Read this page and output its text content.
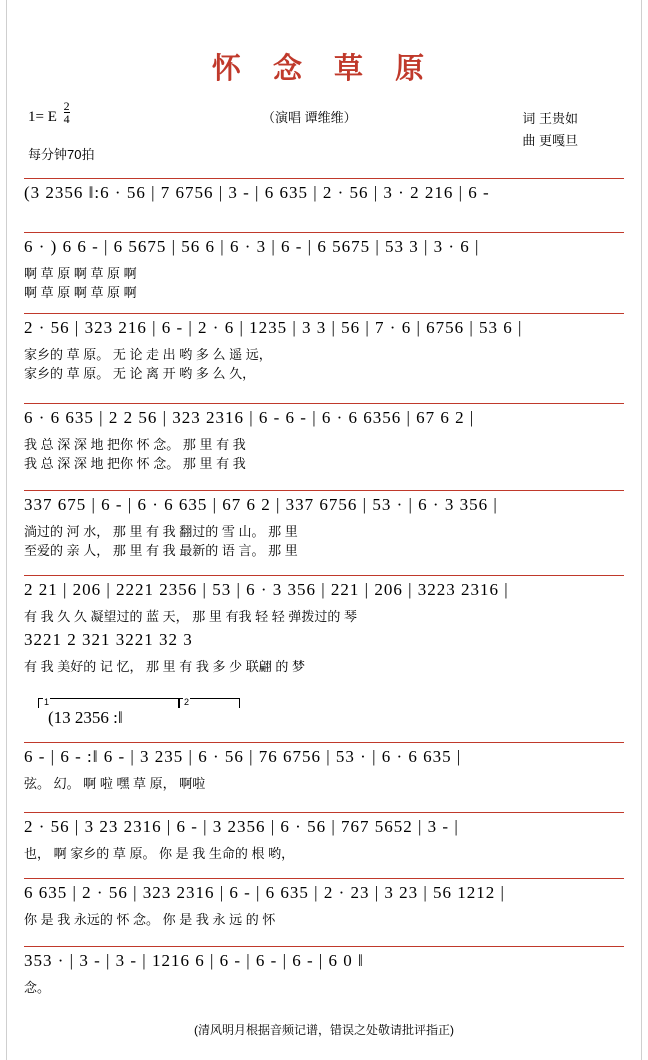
怀 念 草 原
1= E $\frac{2}{4}$	（演唱 谭维维）	词 王贵如
曲 更嘎旦
每分钟70拍
(3 2356 ‖:6 · 56 | 7 6756 | 3 - | 6 635 | 2 · 56 | 3 · 2 216 | 6 -
6 · ) 6 6 - | 6 5675 | 56 6 | 6 · 3 | 6 - | 6 5675 | 53 3 | 3 · 6 |
啊 草 原 啊 草 原 啊
啊 草 原 啊 草 原 啊
2 · 56 | 323 216 | 6 - | 2 · 6 | 1235 | 3 3 | 56 | 7 · 6 | 6756 | 53 6 |
家乡的 草 原。 无 论 走 出 哟 多 么 遥 远，
家乡的 草 原。 无 论 离 开 哟 多 么 久，
6 · 6 635 | 2 2 56 | 323 2316 | 6 - 6 - | 6 · 6 6356 | 67 6 2 |
我 总 深 深 地 把你 怀 念。 那 里 有 我
我 总 深 深 地 把你 怀 念。 那 里 有 我
337 675 | 6 - | 6 · 6 635 | 67 6 2 | 337 6756 | 53 · | 6 · 3 356 |
淌过的 河 水， 那 里 有 我 翻过的 雪 山。 那 里
至爱的 亲 人， 那 里 有 我 最新的 语 言。 那 里
2 21 | 206 | 2221 2356 | 53 | 6 · 3 356 | 221 | 206 | 3223 2316 |
有 我 久 久 凝望过的 蓝 天， 那 里 有我 轻 轻 弹拨过的 琴
3221 2 321 3221 32 3
有 我 美好的 记 忆， 那 里 有 我 多 少 联翩 的 梦
1	2
(13 2356 :‖
6 - | 6 - :‖ 6 - | 3 235 | 6 · 56 | 76 6756 | 53 · | 6 · 6 635 |
弦。 幻。 啊 啦 嘿 草 原， 啊啦
2 · 56 | 3 23 2316 | 6 - | 3 2356 | 6 · 56 | 767 5652 | 3 - |
也， 啊 家乡的 草 原。 你 是 我 生命的 根 哟，
6 635 | 2 · 56 | 323 2316 | 6 - | 6 635 | 2 · 23 | 3 23 | 56 1212 |
你 是 我 永远的 怀 念。 你 是 我 永 远 的 怀
353 · | 3 - | 3 - | 1216 6 | 6 - | 6 - | 6 - | 6 0 ‖
念。
(清风明月根据音频记谱，错误之处敬请批评指正)
